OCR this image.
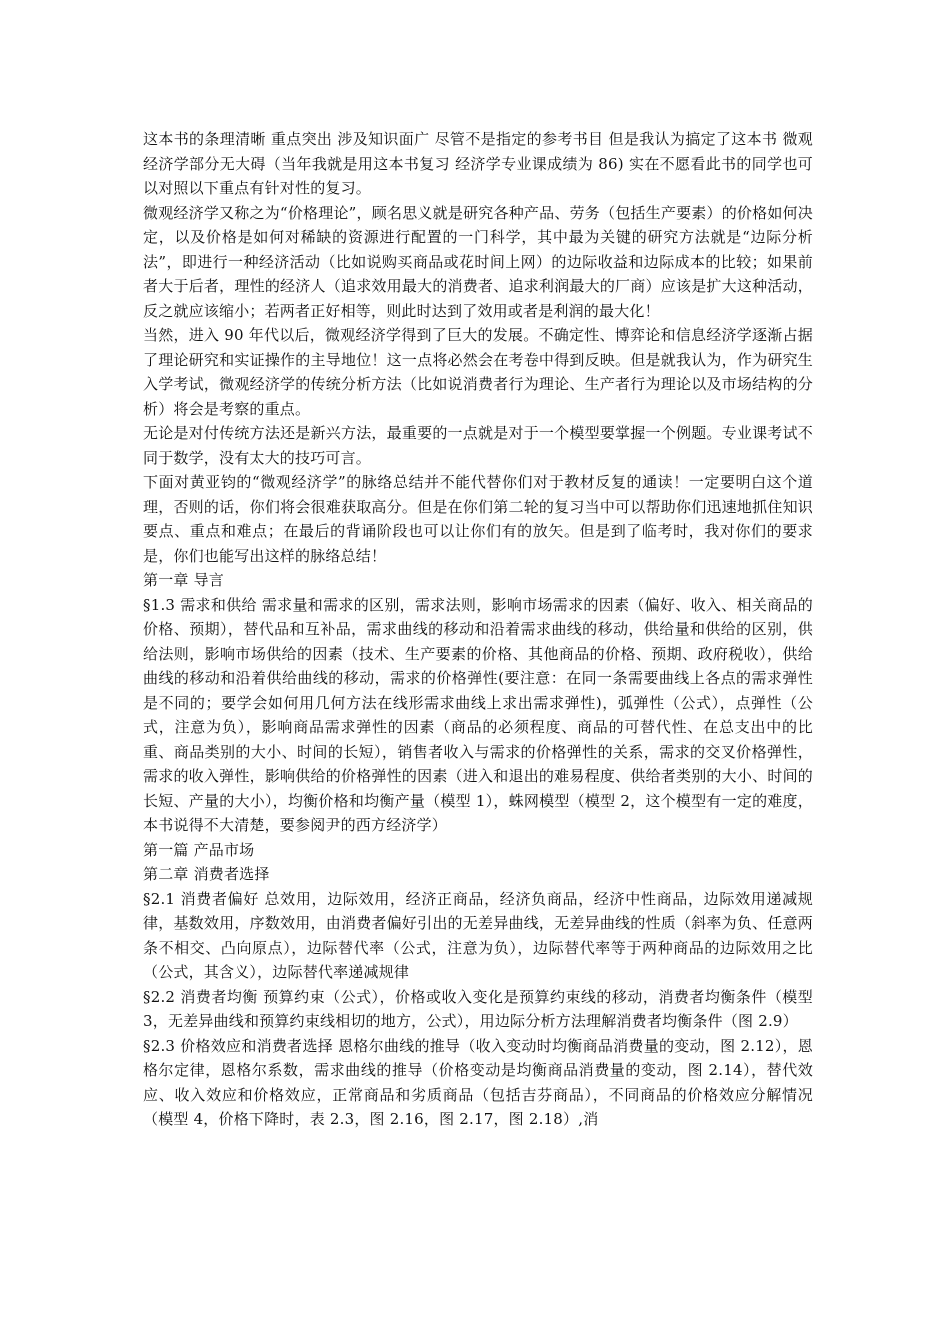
这本书的条理清晰 重点突出 涉及知识面广 尽管不是指定的参考书目 但是我认为搞定了这本书 微观经济学部分无大碍（当年我就是用这本书复习 经济学专业课成绩为 86) 实在不愿看此书的同学也可以对照以下重点有针对性的复习。

微观经济学又称之为“价格理论”，顾名思义就是研究各种产品、劳务（包括生产要素）的价格如何决定，以及价格是如何对稀缺的资源进行配置的一门科学，其中最为关键的研究方法就是“边际分析法”，即进行一种经济活动（比如说购买商品或花时间上网）的边际收益和边际成本的比较；如果前者大于后者，理性的经济人（追求效用最大的消费者、追求利润最大的厂商）应该是扩大这种活动，反之就应该缩小；若两者正好相等，则此时达到了效用或者是利润的最大化！

当然，进入 90 年代以后，微观经济学得到了巨大的发展。不确定性、博弈论和信息经济学逐渐占据了理论研究和实证操作的主导地位！这一点将必然会在考卷中得到反映。但是就我认为，作为研究生入学考试，微观经济学的传统分析方法（比如说消费者行为理论、生产者行为理论以及市场结构的分析）将会是考察的重点。

无论是对付传统方法还是新兴方法，最重要的一点就是对于一个模型要掌握一个例题。专业课考试不同于数学，没有太大的技巧可言。

下面对黄亚钧的“微观经济学”的脉络总结并不能代替你们对于教材反复的通读！一定要明白这个道理，否则的话，你们将会很难获取高分。但是在你们第二轮的复习当中可以帮助你们迅速地抓住知识要点、重点和难点；在最后的背诵阶段也可以让你们有的放矢。但是到了临考时，我对你们的要求是，你们也能写出这样的脉络总结！

第一章 导言

§1.3 需求和供给 需求量和需求的区别，需求法则，影响市场需求的因素（偏好、收入、相关商品的价格、预期），替代品和互补品，需求曲线的移动和沿着需求曲线的移动，供给量和供给的区别，供给法则，影响市场供给的因素（技术、生产要素的价格、其他商品的价格、预期、政府税收），供给曲线的移动和沿着供给曲线的移动，需求的价格弹性(要注意：在同一条需要曲线上各点的需求弹性是不同的；要学会如何用几何方法在线形需求曲线上求出需求弹性)，弧弹性（公式），点弹性（公式，注意为负），影响商品需求弹性的因素（商品的必须程度、商品的可替代性、在总支出中的比重、商品类别的大小、时间的长短），销售者收入与需求的价格弹性的关系，需求的交叉价格弹性，需求的收入弹性，影响供给的价格弹性的因素（进入和退出的难易程度、供给者类别的大小、时间的长短、产量的大小），均衡价格和均衡产量（模型 1），蛛网模型（模型 2，这个模型有一定的难度，本书说得不大清楚，要参阅尹的西方经济学）

第一篇 产品市场

第二章 消费者选择

§2.1 消费者偏好 总效用，边际效用，经济正商品，经济负商品，经济中性商品，边际效用递减规律，基数效用，序数效用，由消费者偏好引出的无差异曲线，无差异曲线的性质（斜率为负、任意两条不相交、凸向原点），边际替代率（公式，注意为负），边际替代率等于两种商品的边际效用之比（公式，其含义），边际替代率递减规律

§2.2 消费者均衡 预算约束（公式），价格或收入变化是预算约束线的移动，消费者均衡条件（模型 3，无差异曲线和预算约束线相切的地方，公式），用边际分析方法理解消费者均衡条件（图 2.9）

§2.3 价格效应和消费者选择 恩格尔曲线的推导（收入变动时均衡商品消费量的变动，图 2.12），恩格尔定律，恩格尔系数，需求曲线的推导（价格变动是均衡商品消费量的变动，图 2.14），替代效应、收入效应和价格效应，正常商品和劣质商品（包括吉芬商品），不同商品的价格效应分解情况（模型 4，价格下降时，表 2.3，图 2.16，图 2.17，图 2.18）,消
